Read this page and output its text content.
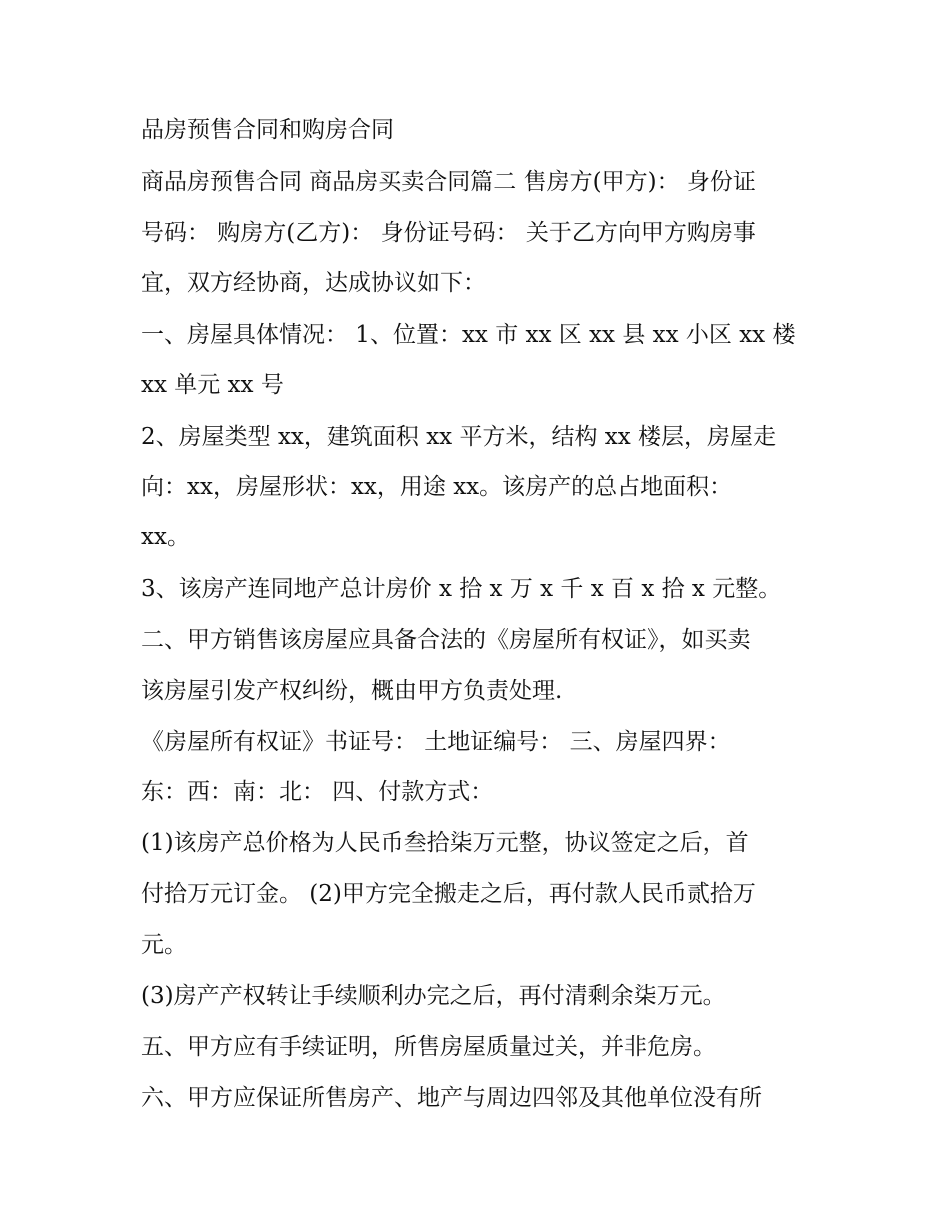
品房预售合同和购房合同

商品房预售合同 商品房买卖合同篇二 售房方(甲方)： 身份证

号码： 购房方(乙方)： 身份证号码： 关于乙方向甲方购房事

宜，双方经协商，达成协议如下：

一、房屋具体情况： 1、位置：xx 市 xx 区 xx 县 xx 小区 xx 楼

xx 单元 xx 号

2、房屋类型 xx，建筑面积 xx 平方米，结构 xx 楼层，房屋走

向：xx，房屋形状：xx，用途 xx。该房产的总占地面积：

xx。

3、该房产连同地产总计房价 x 拾 x 万 x 千 x 百 x 拾 x 元整。

二、甲方销售该房屋应具备合法的《房屋所有权证》，如买卖

该房屋引发产权纠纷，概由甲方负责处理.

《房屋所有权证》书证号： 土地证编号： 三、房屋四界：

东：西：南：北： 四、付款方式：

(1)该房产总价格为人民币叁拾柒万元整，协议签定之后，首

付拾万元订金。 (2)甲方完全搬走之后，再付款人民币贰拾万

元。

(3)房产产权转让手续顺利办完之后，再付清剩余柒万元。

五、甲方应有手续证明，所售房屋质量过关，并非危房。

六、甲方应保证所售房产、地产与周边四邻及其他单位没有所
